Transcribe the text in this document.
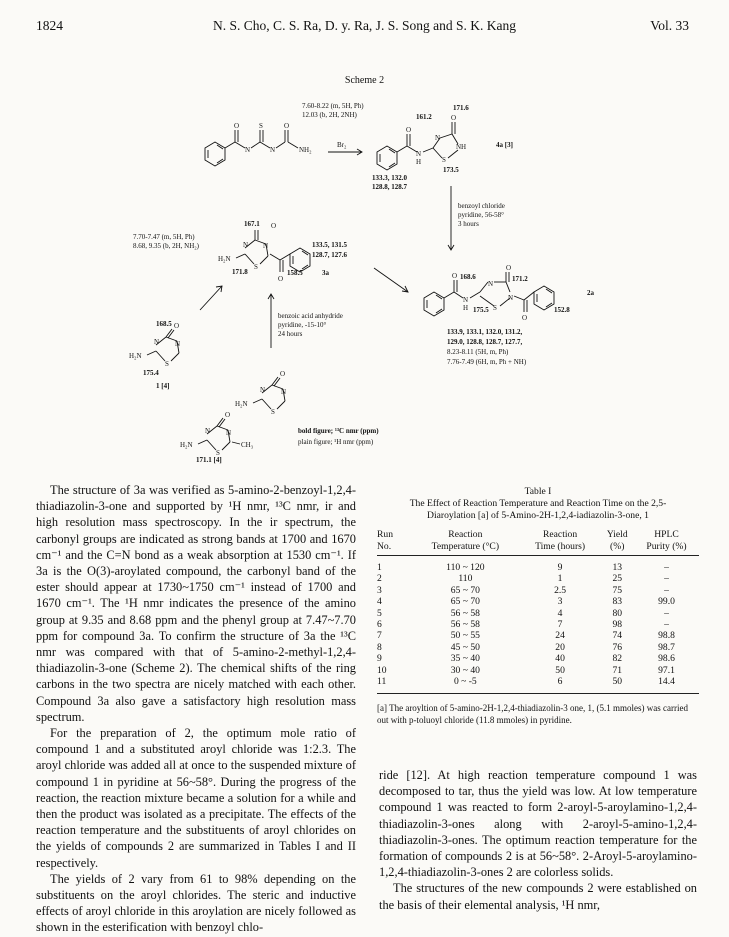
1824	N. S. Cho, C. S. Ra, D. y. Ra, J. S. Song and S. K. Kang	Vol. 33
Scheme 2
O	S	O
N	N	NH₂
7.60-8.22 (m, 5H, Ph)
12.03 (b, 2H, 2NH)
Br₂
O
O
N
H
N
NH
S
161.2
171.6
173.5
4a [3]
133.3, 132.0
128.8, 128.7
benzoyl chloride
pyridine, 56-58°
3 hours
7.70-7.47 (m, 5H, Ph)
8.68, 9.35 (b, 2H, NH₂)
167.1 O
N N
S
H₂N
171.8	158.5
O
133.5, 131.5
128.7, 127.6
3a	168.6
O
O
171.2
N
N
H
N
S
175.5
O
152.8
2a
133.9, 133.1, 132.0, 131.2,
129.0, 128.8, 128.7, 127.7,
8.23-8.11 (5H, m, Ph)
7.76-7.49 (6H, m, Ph + NH)
benzoic acid anhydride
pyridine, -15-10°
24 hours
168.5 O
N N
S
H₂N
175.4
1 [4]
O
N N
S
H₂N
O
N N
S
H₂N	CH₃
171.1 [4]
bold figure; ¹³C nmr (ppm)
plain figure; ¹H nmr (ppm)

The structure of 3a was verified as 5-amino-2-benzoyl-1,2,4-thiadiazolin-3-one and supported by ¹H nmr, ¹³C nmr, ir and high resolution mass spectroscopy. In the ir spectrum, the carbonyl groups are indicated as strong bands at 1700 and 1670 cm⁻¹ and the C=N bond as a weak absorption at 1530 cm⁻¹. If 3a is the O(3)-aroylated compound, the carbonyl band of the ester should appear at 1730~1750 cm⁻¹ instead of 1700 and 1670 cm⁻¹. The ¹H nmr indicates the presence of the amino group at 9.35 and 8.68 ppm and the phenyl group at 7.47~7.70 ppm for compound 3a. To confirm the structure of 3a the ¹³C nmr was compared with that of 5-amino-2-methyl-1,2,4-thiadiazolin-3-one (Scheme 2). The chemical shifts of the ring carbons in the two spectra are nicely matched with each other. Compound 3a also gave a satisfactory high resolution mass spectrum.

For the preparation of 2, the optimum mole ratio of compound 1 and a substituted aroyl chloride was 1:2.3. The aroyl chloride was added all at once to the suspended mixture of compound 1 in pyridine at 56~58°. During the progress of the reaction, the reaction mixture became a solution for a while and then the product was isolated as a precipitate. The effects of the reaction temperature and the substituents of aroyl chlorides on the yields of compounds 2 are summarized in Tables I and II respectively.

The yields of 2 vary from 61 to 98% depending on the substituents on the aroyl chlorides. The steric and inductive effects of aroyl chloride in this aroylation are nicely followed as shown in the esterification with benzoyl chlo-

Table I
The Effect of Reaction Temperature and Reaction Time on the 2,5-Diaroylation [a] of 5-Amino-2H-1,2,4-iadiazolin-3-one, 1
Run	Reaction	Reaction	Yield	HPLC
No.	Temperature (°C)	Time (hours)	(%)	Purity (%)
1	110 ~ 120	9	13	–
2	110	1	25	–
3	65 ~ 70	2.5	75	–
4	65 ~ 70	3	83	99.0
5	56 ~ 58	4	80	–
6	56 ~ 58	7	98	–
7	50 ~ 55	24	74	98.8
8	45 ~ 50	20	76	98.7
9	35 ~ 40	40	82	98.6
10	30 ~ 40	50	71	97.1
11	0 ~ -5	6	50	14.4
[a] The aroyltion of 5-amino-2H-1,2,4-thiadiazolin-3 one, 1, (5.1 mmoles) was carried out with p-toluoyl chloride (11.8 mmoles) in pyridine.

ride [12]. At high reaction temperature compound 1 was decomposed to tar, thus the yield was low. At low temperature compound 1 was reacted to form 2-aroyl-5-aroylamino-1,2,4-thiadiazolin-3-ones along with 2-aroyl-5-amino-1,2,4-thiadiazolin-3-ones. The optimum reaction temperature for the formation of compounds 2 is at 56~58°. 2-Aroyl-5-aroylamino-1,2,4-thiadiazolin-3-ones 2 are colorless solids.

The structures of the new compounds 2 were established on the basis of their elemental analysis, ¹H nmr,
